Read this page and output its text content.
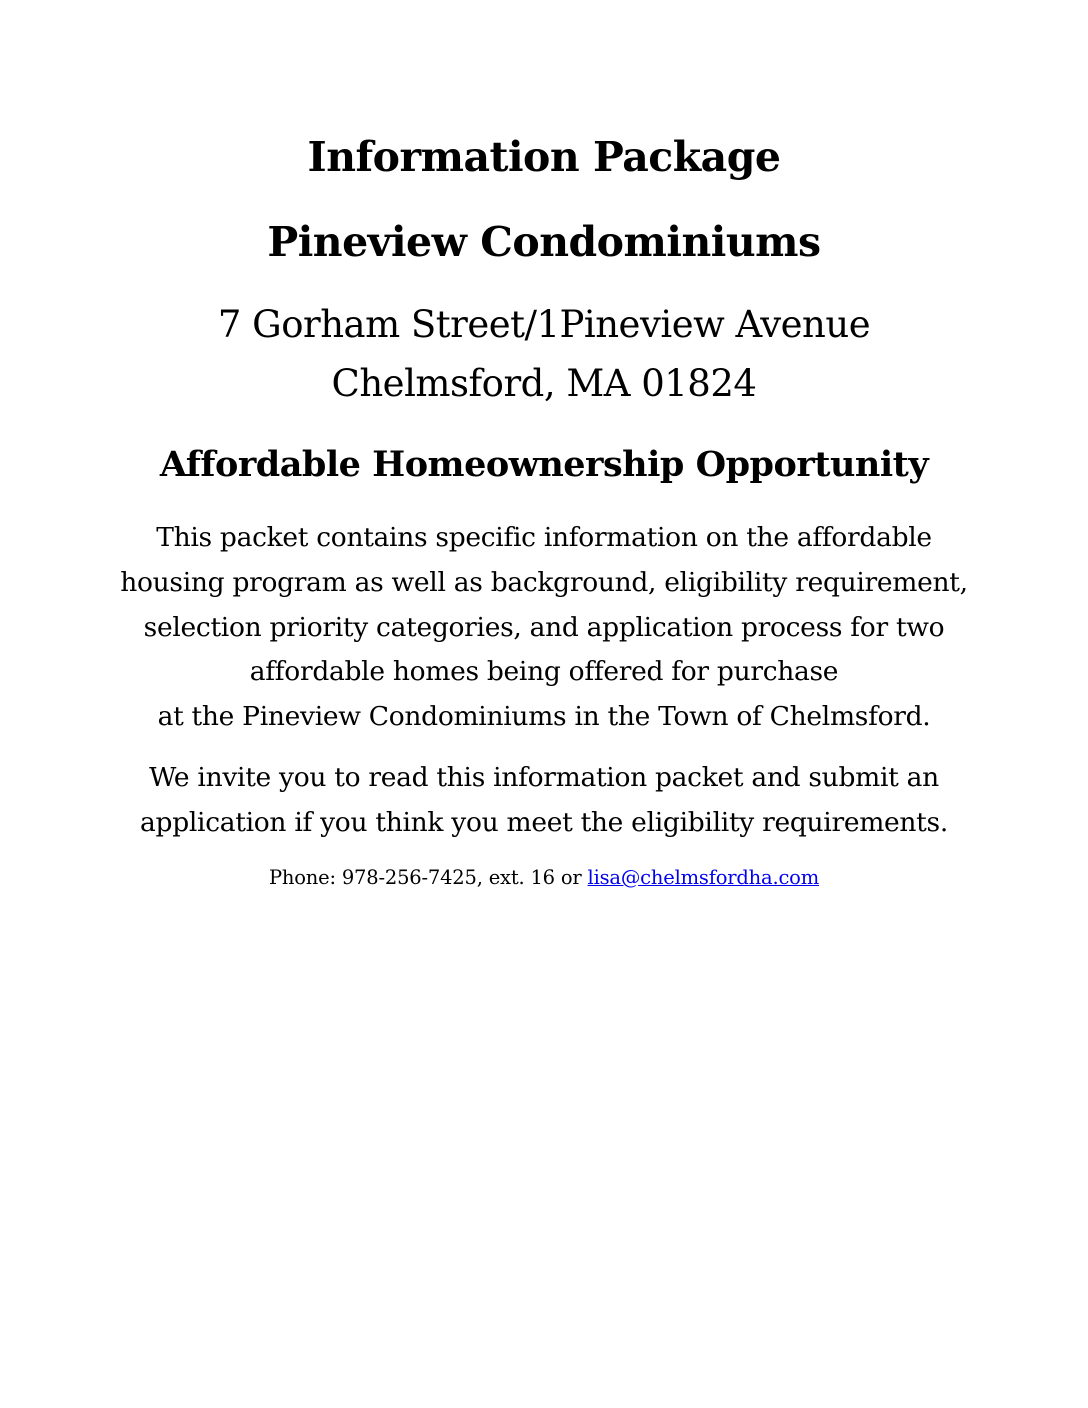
Information Package
Pineview Condominiums
7 Gorham Street/1Pineview Avenue
Chelmsford, MA 01824
Affordable Homeownership Opportunity
This packet contains specific information on the affordable
housing program as well as background, eligibility requirement,
selection priority categories, and application process for two
affordable homes being offered for purchase
at the Pineview Condominiums in the Town of Chelmsford.
We invite you to read this information packet and submit an
application if you think you meet the eligibility requirements.
Phone: 978-256-7425, ext. 16 or lisa@chelmsfordha.com
